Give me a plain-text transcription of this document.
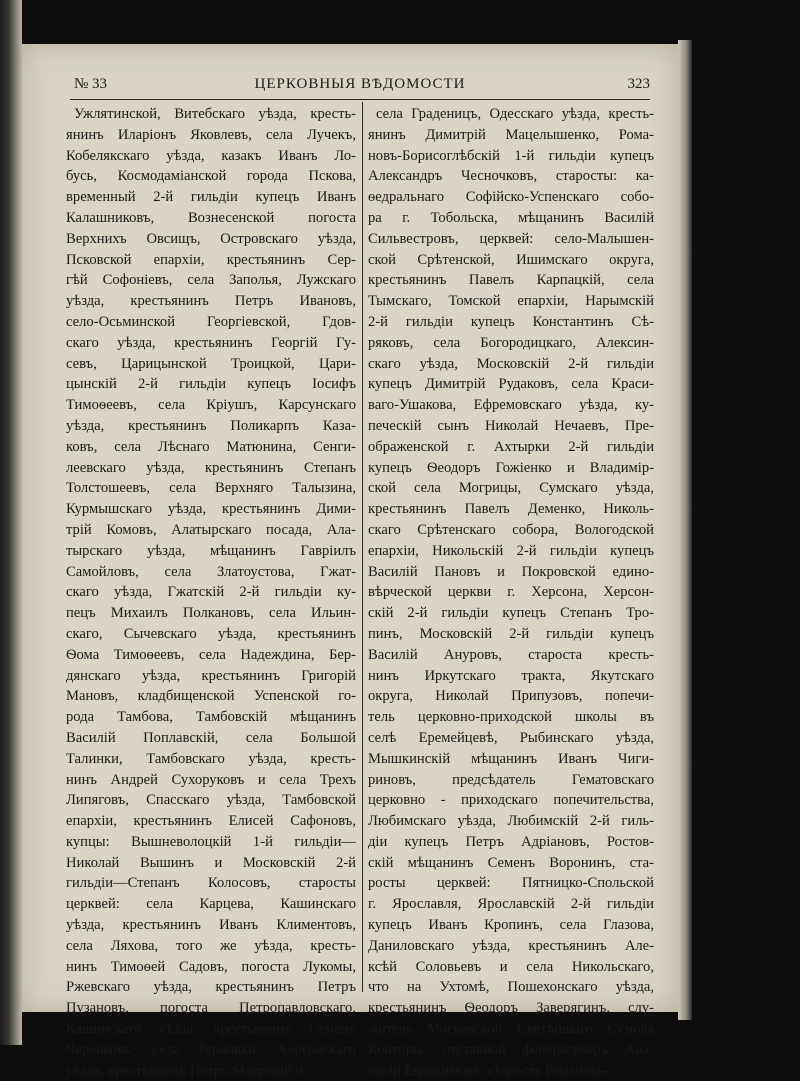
№ 33	ЦЕРКОВНЫЯ ВѢДОМОСТИ	323
Ужлятинской, Витебскаго уѣзда, кресть-
янинъ Иларіонъ Яковлевъ, села Лучекъ,
Кобелякскаго уѣзда, казакъ Иванъ Ло-
бусь, Космодаміанской города Пскова,
временный 2-й гильдіи купецъ Иванъ
Калашниковъ, Вознесенской погоста
Верхнихъ Овсищъ, Островскаго уѣзда,
Псковской епархіи, крестьянинъ Сер-
гѣй Софоніевъ, села Заполья, Лужскаго
уѣзда, крестьянинъ Петръ Ивановъ,
село-Осьминской Георгіевской, Гдов-
скаго уѣзда, крестьянинъ Георгій Гу-
севъ, Царицынской Троицкой, Цари-
цынскій 2-й гильдіи купецъ Іосифъ
Тимоѳеевъ, села Кріушъ, Карсунскаго
уѣзда, крестьянинъ Поликарпъ Каза-
ковъ, села Лѣснаго Матюнина, Сенги-
леевскаго уѣзда, крестьянинъ Степанъ
Толстошеевъ, села Верхняго Талызина,
Курмышскаго уѣзда, крестьянинъ Дими-
трій Комовъ, Алатырскаго посада, Ала-
тырскаго уѣзда, мѣщанинъ Гавріилъ
Самойловъ, села Златоустова, Гжат-
скаго уѣзда, Гжатскій 2-й гильдіи ку-
пецъ Михаилъ Полкановъ, села Ильин-
скаго, Сычевскаго уѣзда, крестьянинъ
Ѳома Тимоѳеевъ, села Надеждина, Бер-
дянскаго уѣзда, крестьянинъ Григорій
Мановъ, кладбищенской Успенской го-
рода Тамбова, Тамбовскій мѣщанинъ
Василій Поплавскій, села Большой
Талинки, Тамбовскаго уѣзда, кресть-
нинъ Андрей Сухоруковъ и села Трехъ
Липяговъ, Спасскаго уѣзда, Тамбовской
епархіи, крестьянинъ Елисей Сафоновъ,
купцы: Вышневолоцкій 1-й гильдіи—
Николай Вышинъ и Московскій 2-й
гильдіи—Степанъ Колосовъ, старосты
церквей: села Карцева, Кашинскаго
уѣзда, крестьянинъ Иванъ Климентовъ,
села Ляхова, того же уѣзда, кресть-
нинъ Тимоѳей Садовъ, погоста Лукомы,
Ржевскаго уѣзда, крестьянинъ Петръ
Пузановъ, погоста Петропавловскаго,
Кашинскаго уѣзда, крестьянинъ Семенъ
Черенковъ, села Терновки, Херсонскаго
уѣзда, крестьянинъ Петръ Мавродій и
села Граденицъ, Одесскаго уѣзда, кресть-
янинъ Димитрій Мацелышенко, Рома-
новъ-Борисоглѣбскій 1-й гильдіи купецъ
Александръ Чесночковъ, старосты: ка-
ѳедральнаго Софійско-Успенскаго собо-
ра г. Тобольска, мѣщанинъ Василій
Сильвестровъ, церквей: село-Малышен-
ской Срѣтенской, Ишимскаго округа,
крестьянинъ Павелъ Карпацкій, села
Тымскаго, Томской епархіи, Нарымскій
2-й гильдіи купецъ Константинъ Сѣ-
ряковъ, села Богородицкаго, Алексин-
скаго уѣзда, Московскій 2-й гильдіи
купецъ Димитрій Рудаковъ, села Краси-
ваго-Ушакова, Ефремовскаго уѣзда, ку-
печескій сынъ Николай Нечаевъ, Пре-
ображенской г. Ахтырки 2-й гильдіи
купецъ Ѳеодоръ Гожіенко и Владимір-
ской села Могрицы, Сумскаго уѣзда,
крестьянинъ Павелъ Деменко, Николь-
скаго Срѣтенскаго собора, Вологодской
епархіи, Никольскій 2-й гильдіи купецъ
Василій Пановъ и Покровской едино-
вѣрческой церкви г. Херсона, Херсон-
скій 2-й гильдіи купецъ Степанъ Тро-
пинъ, Московскій 2-й гильдіи купецъ
Василій Ануровъ, староста кресть-
нинъ Иркутскаго тракта, Якутскаго
округа, Николай Припузовъ, попечи-
тель церковно-приходской школы въ
селѣ Еремейцевѣ, Рыбинскаго уѣзда,
Мышкинскій мѣщанинъ Иванъ Чиги-
риновъ, предсѣдатель Гематовскаго
церковно - приходскаго попечительства,
Любимскаго уѣзда, Любимскій 2-й гиль-
діи купецъ Петръ Адріановъ, Ростов-
скій мѣщанинъ Семенъ Воронинъ, ста-
росты церквей: Пятницко-Спольской
г. Ярославля, Ярославскій 2-й гильдіи
купецъ Иванъ Кропинъ, села Глазова,
Даниловскаго уѣзда, крестьянинъ Але-
ксѣй Соловьевъ и села Никольскаго,
что на Ухтомѣ, Пошехонскаго уѣзда,
крестьянинъ Ѳеодоръ Заверягинъ, слу-
житель Московской Святѣйшаго Сѵнода
Конторы, отставной фейерверкеръ Аѳа-
насій Евдокимовъ, староста Романовъ-
